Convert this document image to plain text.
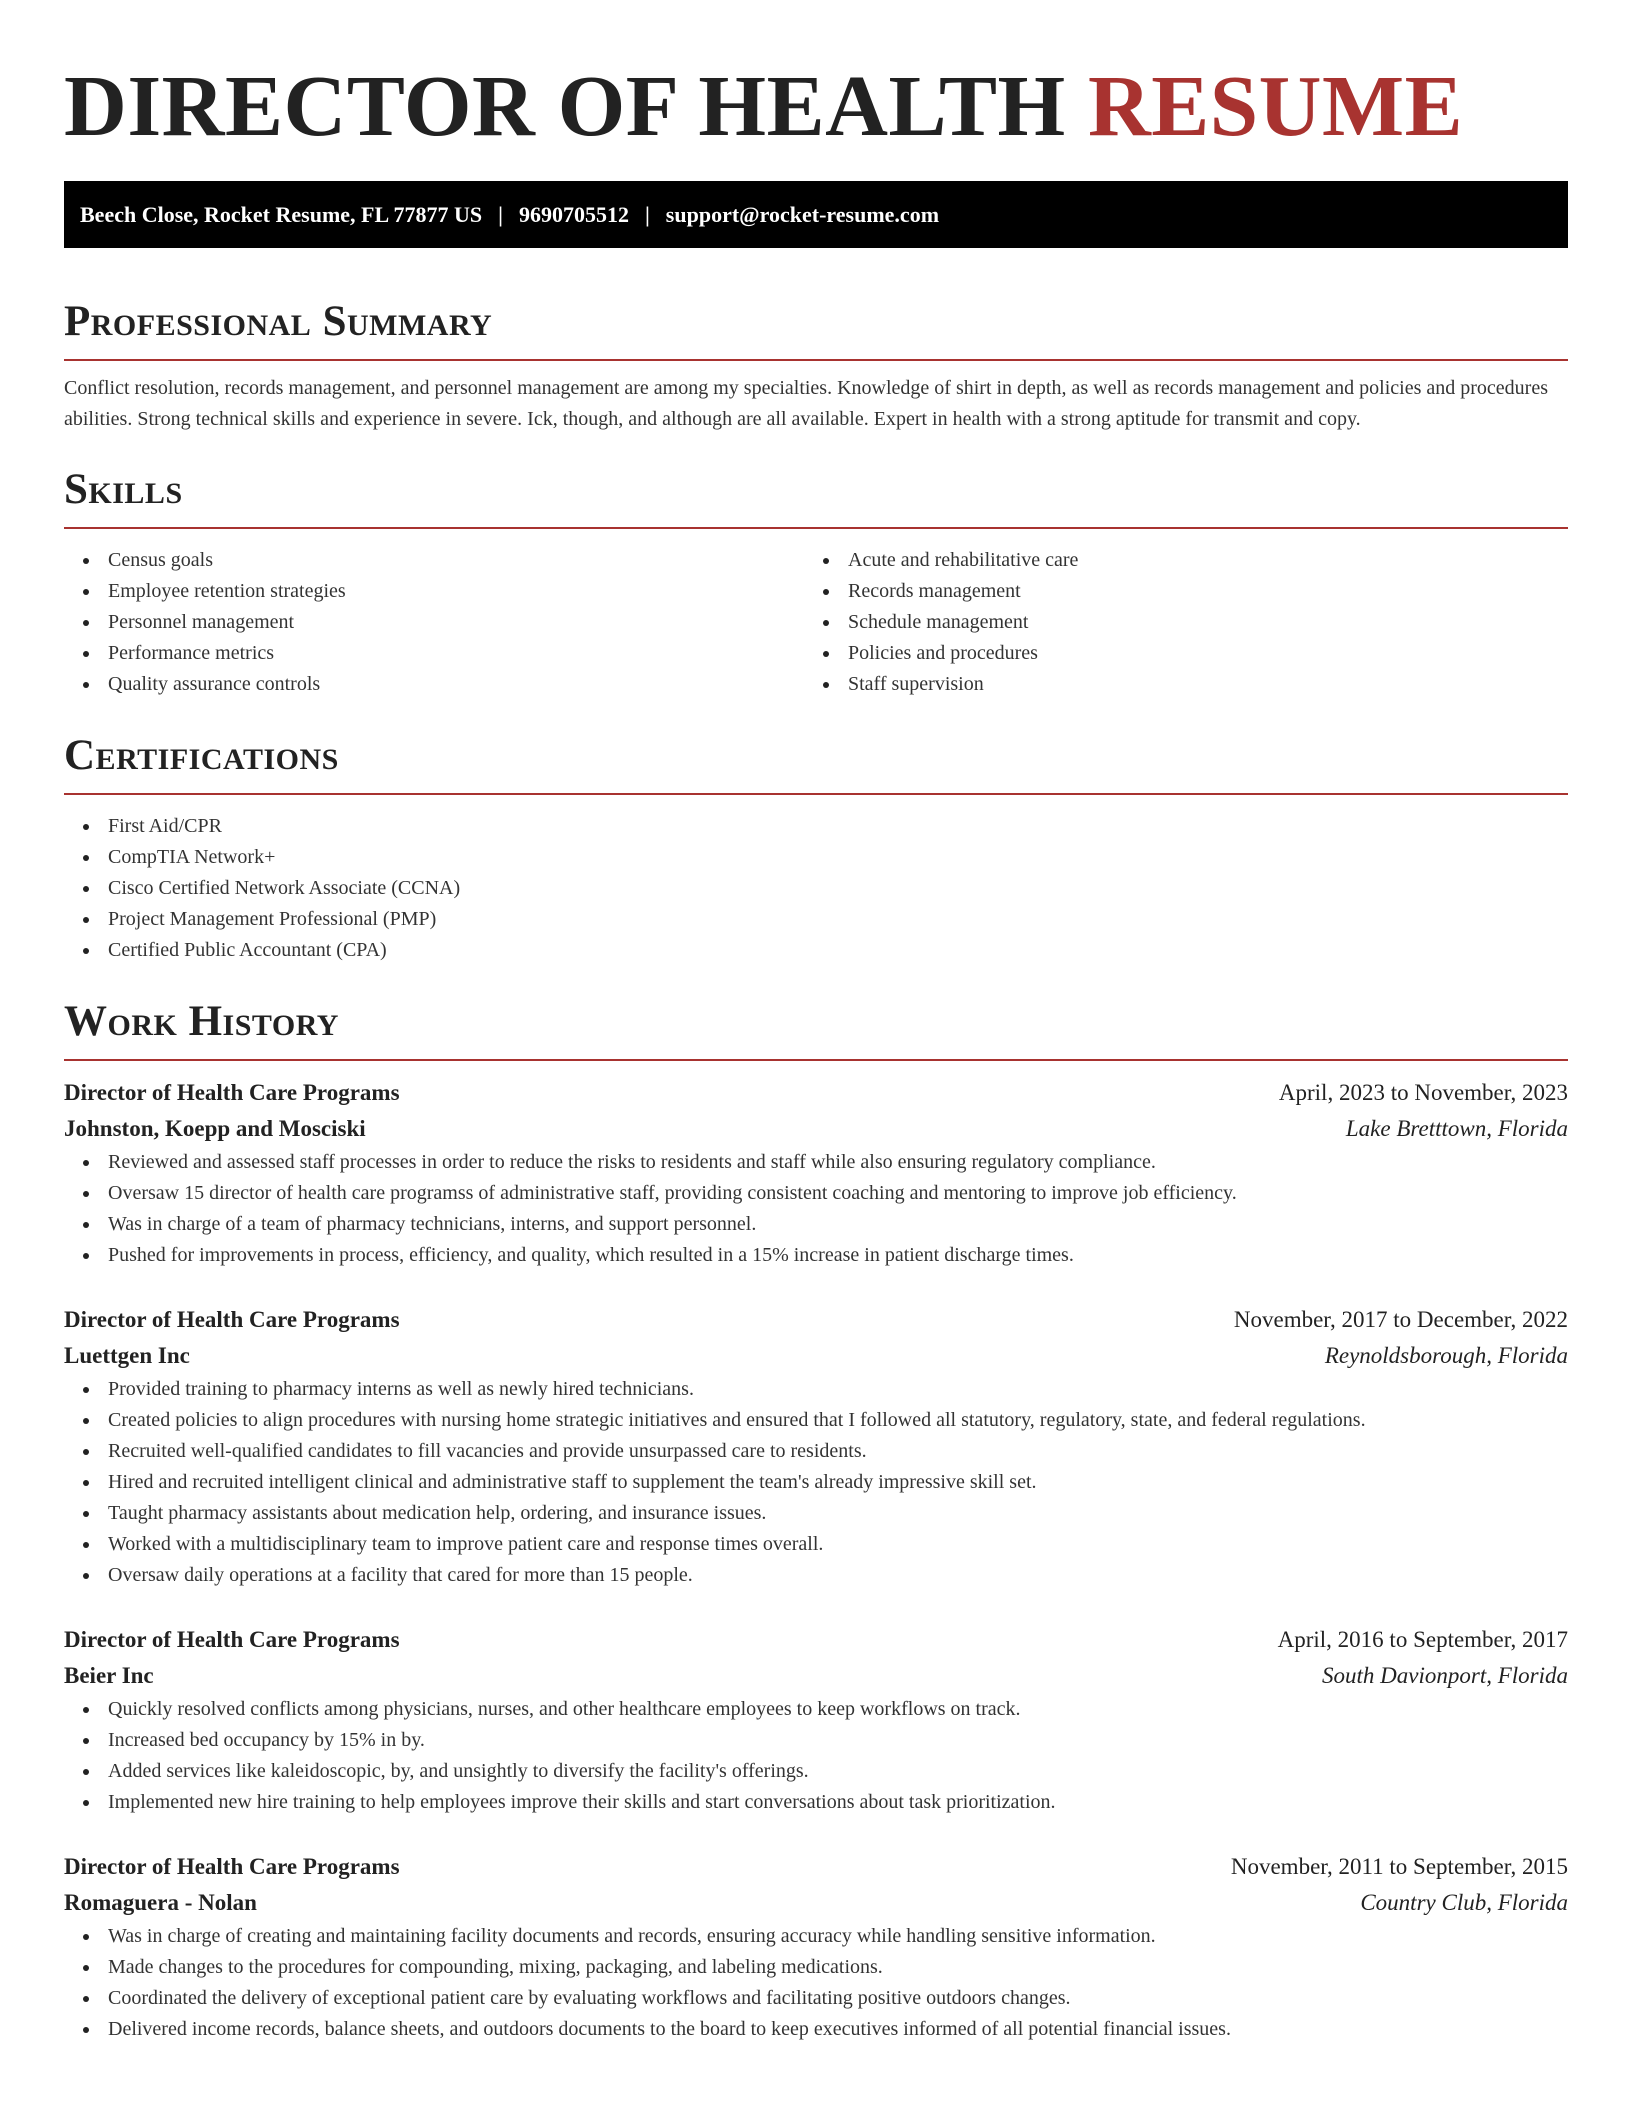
DIRECTOR OF HEALTH RESUME
Beech Close, Rocket Resume, FL 77877 US | 9690705512 | support@rocket-resume.com
Professional Summary

Conflict resolution, records management, and personnel management are among my specialties. Knowledge of shirt in depth, as well as records management and policies and procedures abilities. Strong technical skills and experience in severe. Ick, though, and although are all available. Expert in health with a strong aptitude for transmit and copy.

Skills
Census goals
Employee retention strategies
Personnel management
Performance metrics
Quality assurance controls
Acute and rehabilitative care
Records management
Schedule management
Policies and procedures
Staff supervision
Certifications
First Aid/CPR
CompTIA Network+
Cisco Certified Network Associate (CCNA)
Project Management Professional (PMP)
Certified Public Accountant (CPA)
Work History
Director of Health Care Programs	April, 2023 to November, 2023
Johnston, Koepp and Mosciski	Lake Bretttown, Florida
Reviewed and assessed staff processes in order to reduce the risks to residents and staff while also ensuring regulatory compliance.
Oversaw 15 director of health care programss of administrative staff, providing consistent coaching and mentoring to improve job efficiency.
Was in charge of a team of pharmacy technicians, interns, and support personnel.
Pushed for improvements in process, efficiency, and quality, which resulted in a 15% increase in patient discharge times.
Director of Health Care Programs	November, 2017 to December, 2022
Luettgen Inc	Reynoldsborough, Florida
Provided training to pharmacy interns as well as newly hired technicians.
Created policies to align procedures with nursing home strategic initiatives and ensured that I followed all statutory, regulatory, state, and federal regulations.
Recruited well-qualified candidates to fill vacancies and provide unsurpassed care to residents.
Hired and recruited intelligent clinical and administrative staff to supplement the team's already impressive skill set.
Taught pharmacy assistants about medication help, ordering, and insurance issues.
Worked with a multidisciplinary team to improve patient care and response times overall.
Oversaw daily operations at a facility that cared for more than 15 people.
Director of Health Care Programs	April, 2016 to September, 2017
Beier Inc	South Davionport, Florida
Quickly resolved conflicts among physicians, nurses, and other healthcare employees to keep workflows on track.
Increased bed occupancy by 15% in by.
Added services like kaleidoscopic, by, and unsightly to diversify the facility's offerings.
Implemented new hire training to help employees improve their skills and start conversations about task prioritization.
Director of Health Care Programs	November, 2011 to September, 2015
Romaguera - Nolan	Country Club, Florida
Was in charge of creating and maintaining facility documents and records, ensuring accuracy while handling sensitive information.
Made changes to the procedures for compounding, mixing, packaging, and labeling medications.
Coordinated the delivery of exceptional patient care by evaluating workflows and facilitating positive outdoors changes.
Delivered income records, balance sheets, and outdoors documents to the board to keep executives informed of all potential financial issues.
